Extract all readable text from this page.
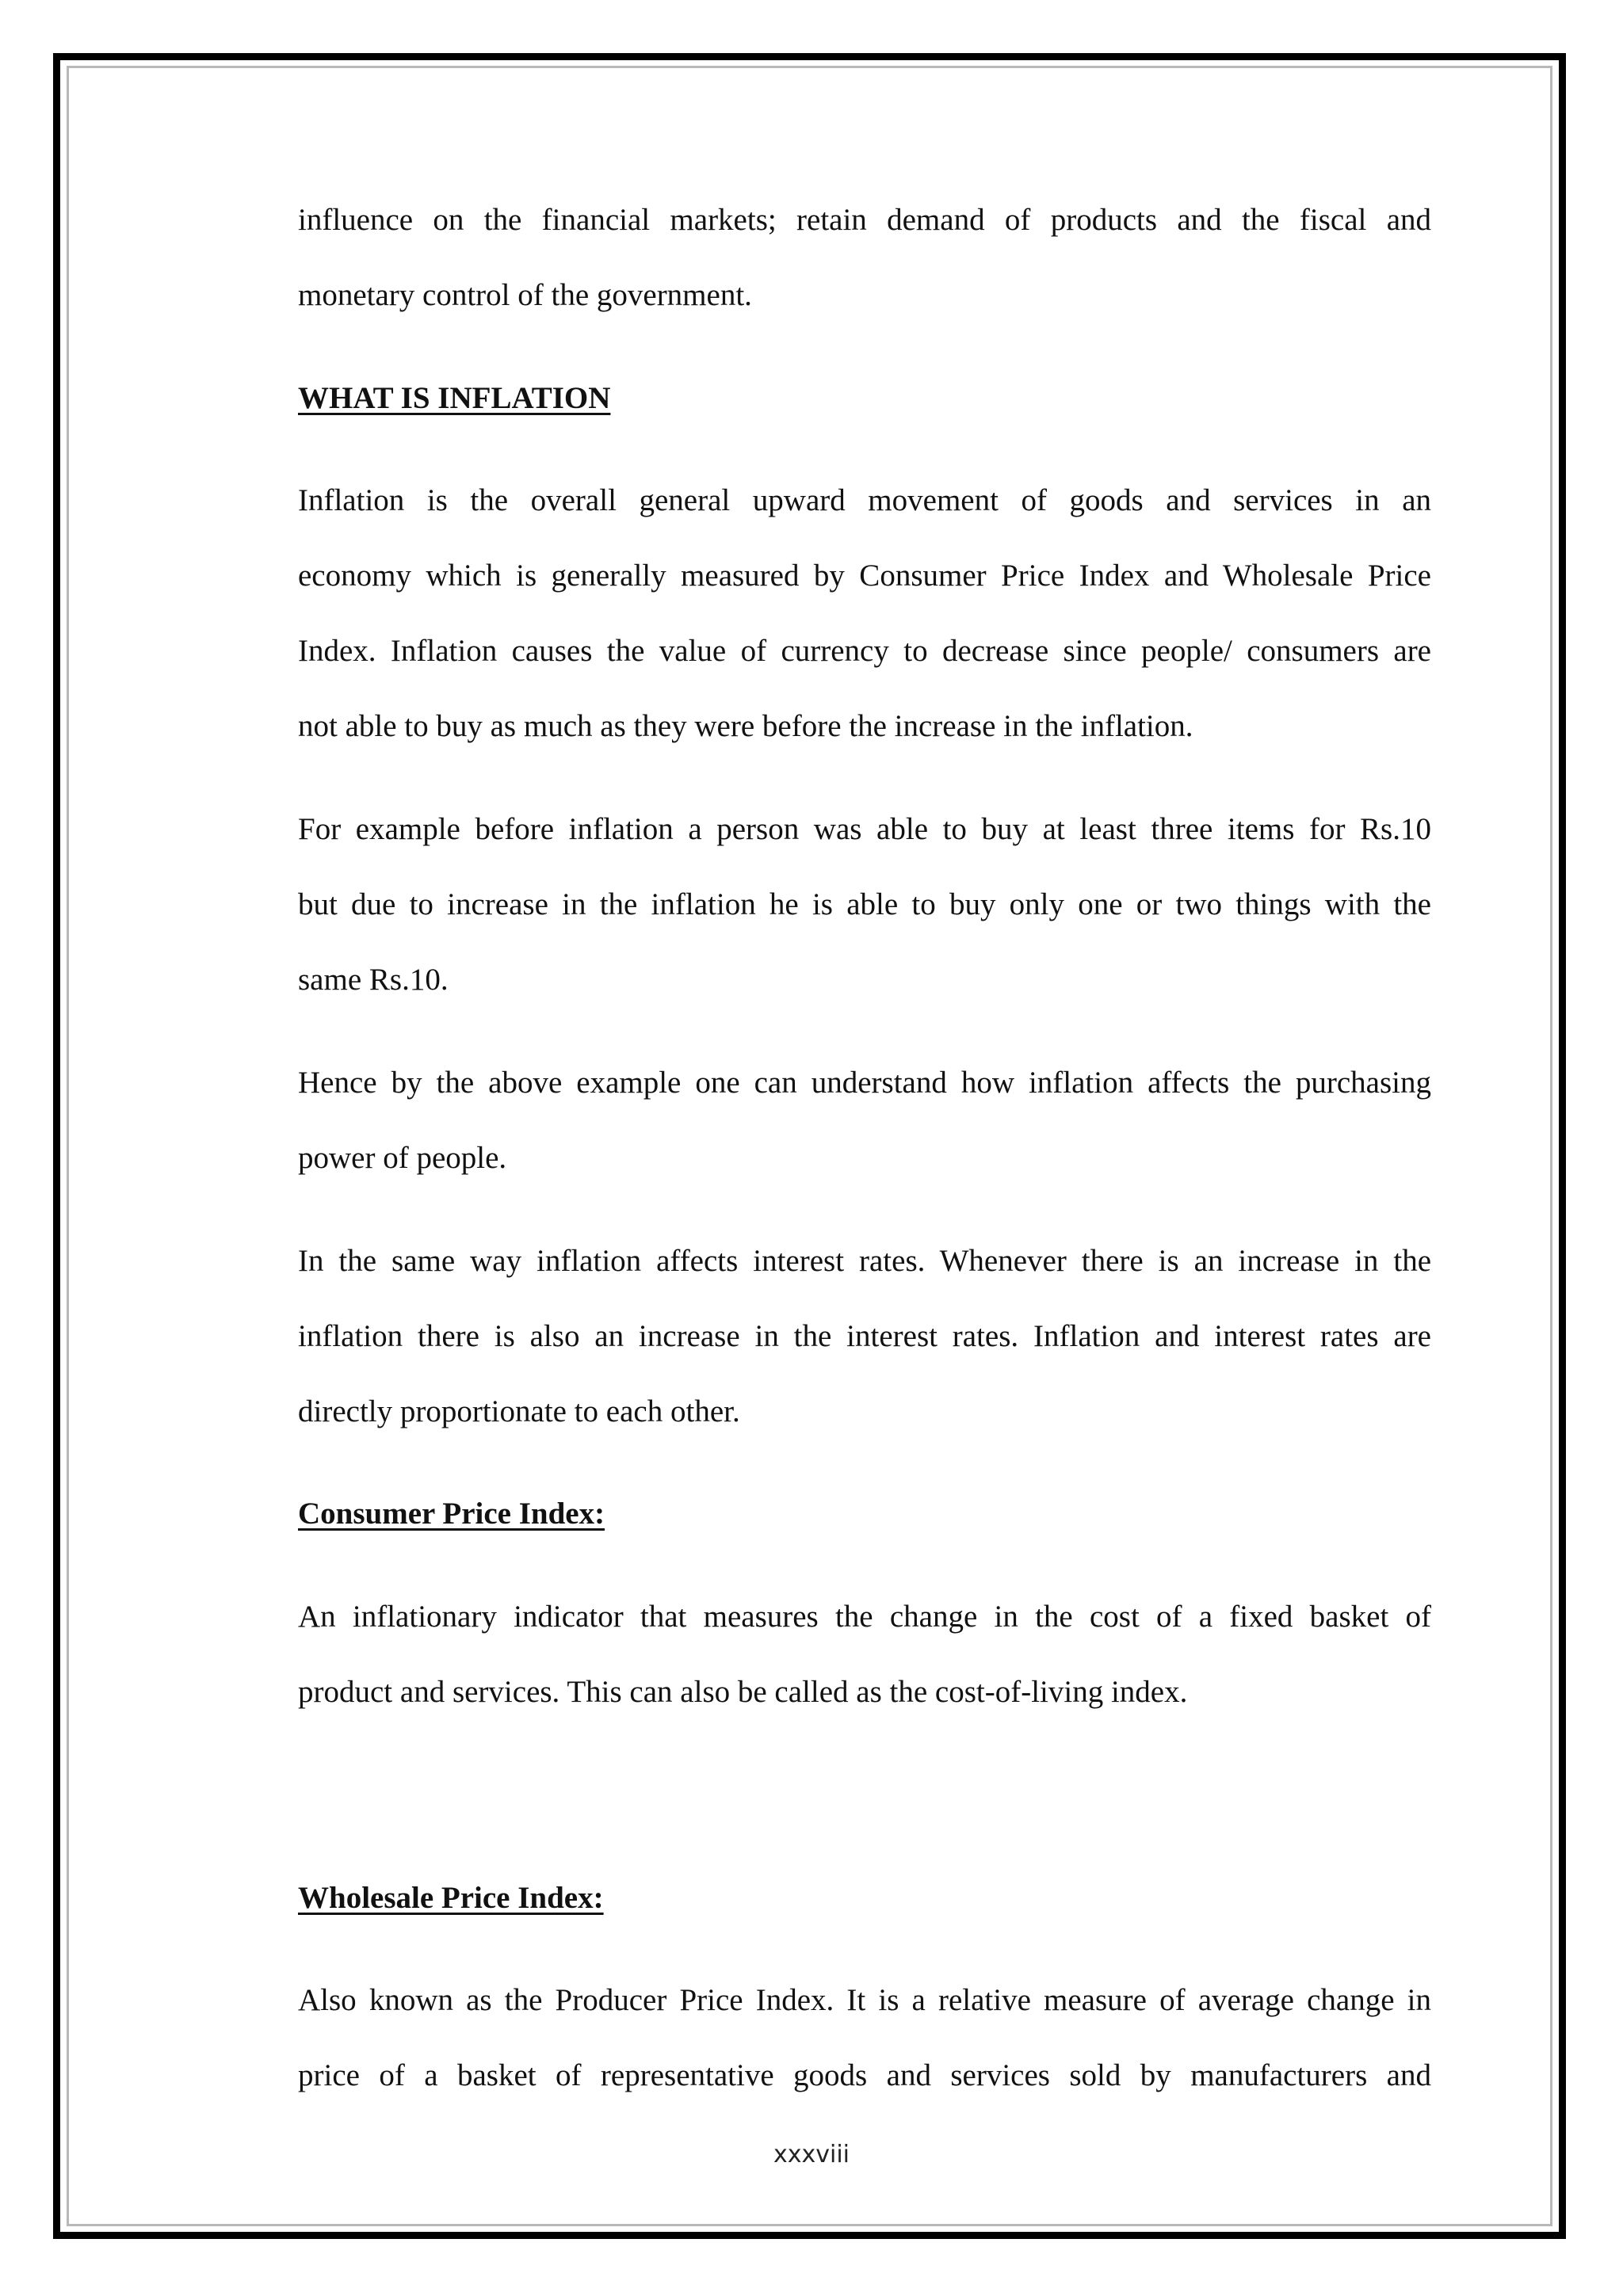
influence on the financial markets; retain demand of products and the fiscal and
monetary control of the government.
WHAT IS INFLATION
Inflation is the overall general upward movement of goods and services in an
economy which is generally measured by Consumer Price Index and Wholesale Price
Index. Inflation causes the value of currency to decrease since people/ consumers are
not able to buy as much as they were before the increase in the inflation.
For example before inflation a person was able to buy at least three items for Rs.10
but due to increase in the inflation he is able to buy only one or two things with the
same Rs.10.
Hence by the above example one can understand how inflation affects the purchasing
power of people.
In the same way inflation affects interest rates. Whenever there is an increase in the
inflation there is also an increase in the interest rates. Inflation and interest rates are
directly proportionate to each other.
Consumer Price Index:
An inflationary indicator that measures the change in the cost of a fixed basket of
product and services. This can also be called as the cost-of-living index.
Wholesale Price Index:
Also known as the Producer Price Index. It is a relative measure of average change in
price of a basket of representative goods and services sold by manufacturers and
xxxviii
